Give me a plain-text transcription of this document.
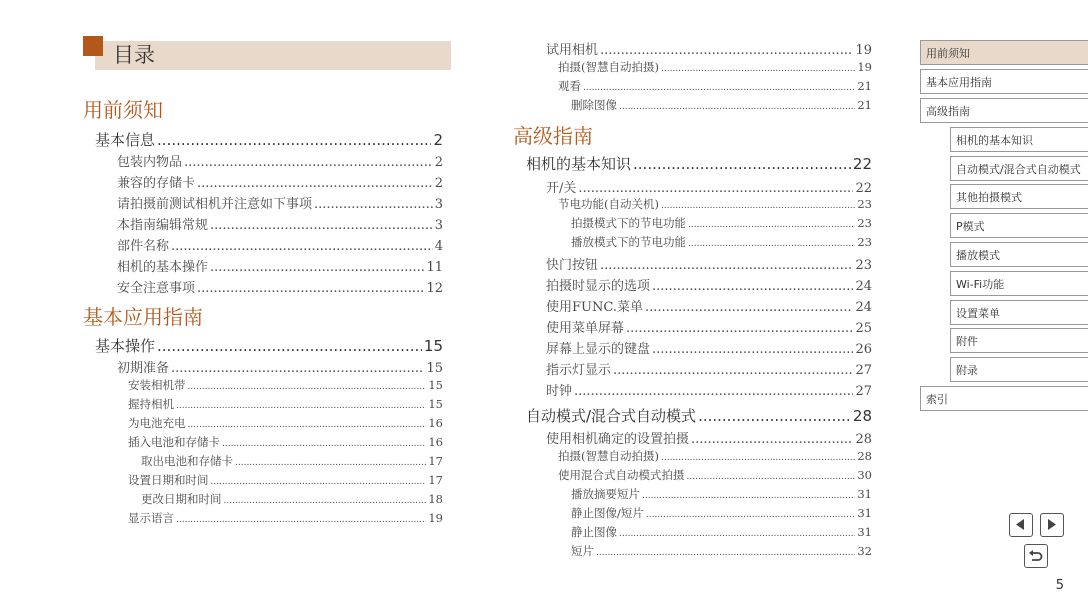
目录
用前须知
基本信息 .....	2
包装内物品 .....	2
兼容的存储卡 .....	2
请拍摄前测试相机并注意如下事项 .....	3
本指南编辑常规 .....	3
部件名称 .....	4
相机的基本操作 .....	11
安全注意事项 .....	12
基本应用指南
基本操作 .....	15
初期准备 .....	15
安装相机带 .....	15
握持相机 .....	15
为电池充电 .....	16
插入电池和存储卡 .....	16
取出电池和存储卡 .....	17
设置日期和时间 .....	17
更改日期和时间 .....	18
显示语言 .....	19
试用相机 .....	19
拍摄(智慧自动拍摄) .....	19
观看 .....	21
删除图像 .....	21
高级指南
相机的基本知识 .....	22
开/关 .....	22
节电功能(自动关机) .....	23
拍摄模式下的节电功能 .....	23
播放模式下的节电功能 .....	23
快门按钮 .....	23
拍摄时显示的选项 .....	24
使用FUNC.菜单 .....	24
使用菜单屏幕 .....	25
屏幕上显示的键盘 .....	26
指示灯显示 .....	27
时钟 .....	27
自动模式/混合式自动模式 .....	28
使用相机确定的设置拍摄 .....	28
拍摄(智慧自动拍摄) .....	28
使用混合式自动模式拍摄 .....	30
播放摘要短片 .....	31
静止图像/短片 .....	31
静止图像 .....	31
短片 .....	32
用前须知
基本应用指南
高级指南
相机的基本知识
自动模式/混合式自动模式
其他拍摄模式
P模式
播放模式
Wi-Fi功能
设置菜单
附件
附录
索引
5
